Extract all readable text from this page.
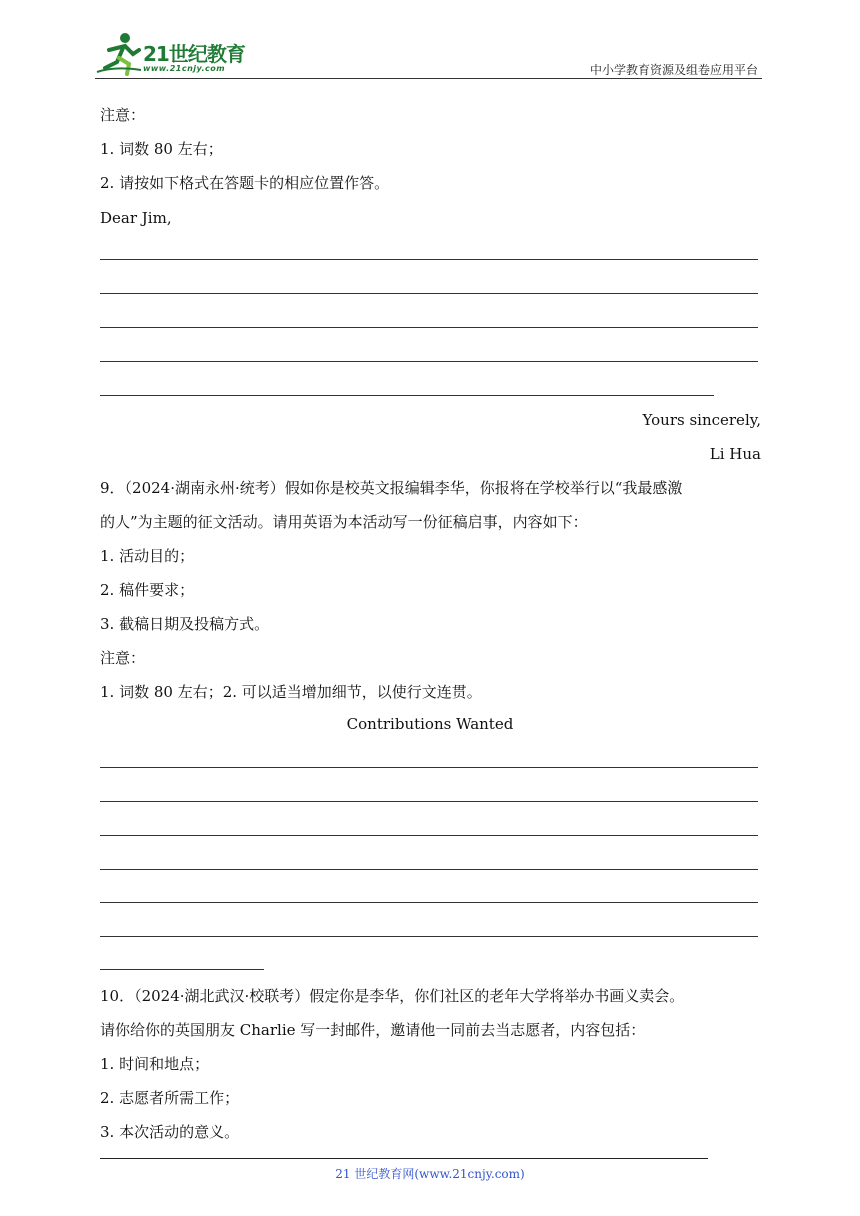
21世纪教育
www.21cnjy.com	中小学教育资源及组卷应用平台
注意：
1. 词数 80 左右；
2. 请按如下格式在答题卡的相应位置作答。
Dear Jim,
Yours sincerely,
Li Hua
9．（2024·湖南永州·统考）假如你是校英文报编辑李华，你报将在学校举行以“我最感激
的人”为主题的征文活动。请用英语为本活动写一份征稿启事，内容如下：
1. 活动目的；
2. 稿件要求；
3. 截稿日期及投稿方式。
注意：
1. 词数 80 左右；2. 可以适当增加细节，以使行文连贯。
Contributions Wanted
10．（2024·湖北武汉·校联考）假定你是李华，你们社区的老年大学将举办书画义卖会。
请你给你的英国朋友 Charlie 写一封邮件，邀请他一同前去当志愿者，内容包括：
1. 时间和地点；
2. 志愿者所需工作；
3. 本次活动的意义。
21 世纪教育网(www.21cnjy.com)
